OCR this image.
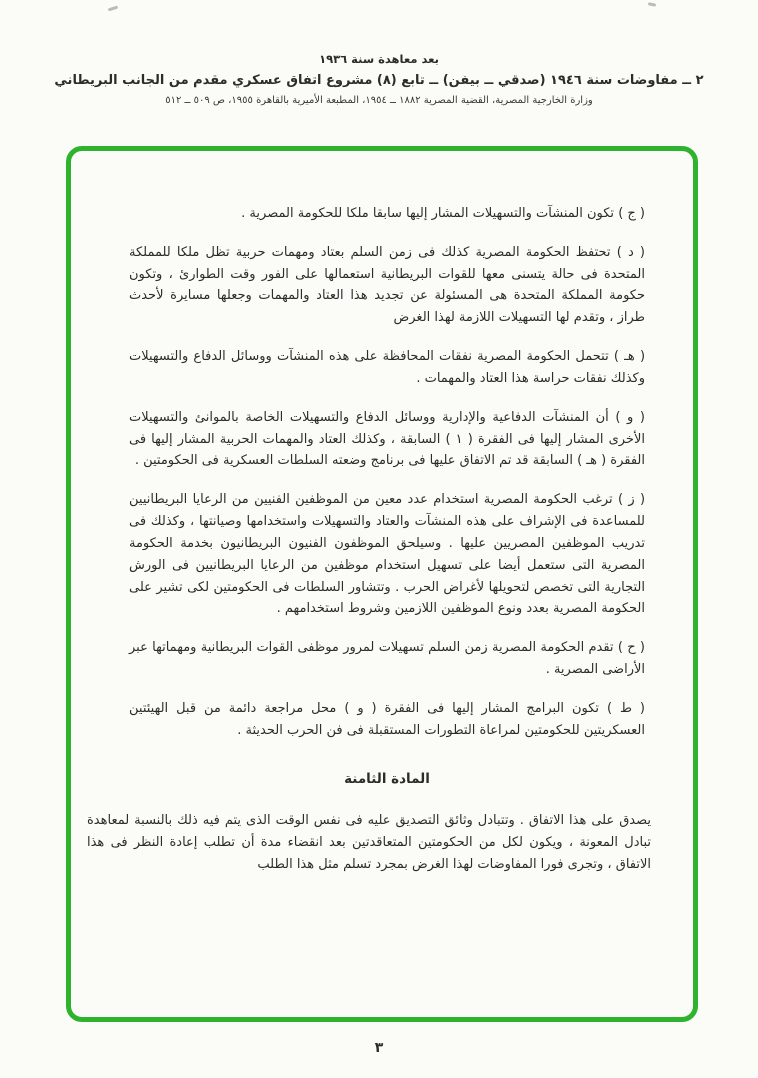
بعد معاهدة سنة ١٩٣٦
٢ ــ مفاوضات سنة ١٩٤٦ (صدقي ــ بيفن) ــ تابع (٨) مشروع اتفاق عسكري مقدم من الجانب البريطاني
وزارة الخارجية المصرية، القضية المصرية ١٨٨٢ ــ ١٩٥٤، المطبعة الأميرية بالقاهرة ١٩٥٥، ص ٥٠٩ ــ ٥١٢

( ج ) تكون المنشآت والتسهيلات المشار إليها سابقا ملكا للحكومة المصرية .

( د ) تحتفظ الحكومة المصرية كذلك فى زمن السلم بعتاد ومهمات حربية تظل ملكا للمملكة المتحدة فى حالة يتسنى معها للقوات البريطانية استعمالها على الفور وقت الطوارئ ، وتكون حكومة المملكة المتحدة هى المسئولة عن تجديد هذا العتاد والمهمات وجعلها مسايرة لأحدث طراز ، وتقدم لها التسهيلات اللازمة لهذا الغرض

( هـ ) تتحمل الحكومة المصرية نفقات المحافظة على هذه المنشآت ووسائل الدفاع والتسهيلات وكذلك نفقات حراسة هذا العتاد والمهمات .

( و ) أن المنشآت الدفاعية والإدارية ووسائل الدفاع والتسهيلات الخاصة بالموانئ والتسهيلات الأخرى المشار إليها فى الفقرة ( ١ ) السابقة ، وكذلك العتاد والمهمات الحربية المشار إليها فى الفقرة ( هـ ) السابقة قد تم الاتفاق عليها فى برنامج وضعته السلطات العسكرية فى الحكومتين .

( ز ) ترغب الحكومة المصرية استخدام عدد معين من الموظفين الفنيين من الرعايا البريطانيين للمساعدة فى الإشراف على هذه المنشآت والعتاد والتسهيلات واستخدامها وصيانتها ، وكذلك فى تدريب الموظفين المصريين عليها . وسيلحق الموظفون الفنيون البريطانيون بخدمة الحكومة المصرية التى ستعمل أيضا على تسهيل استخدام موظفين من الرعايا البريطانيين فى الورش التجارية التى تخصص لتحويلها لأغراض الحرب . وتتشاور السلطات فى الحكومتين لكى تشير على الحكومة المصرية بعدد ونوع الموظفين اللازمين وشروط استخدامهم .

( ح ) تقدم الحكومة المصرية زمن السلم تسهيلات لمرور موظفى القوات البريطانية ومهماتها عبر الأراضى المصرية .

( ط ) تكون البرامج المشار إليها فى الفقرة ( و ) محل مراجعة دائمة من قبل الهيئتين العسكريتين للحكومتين لمراعاة التطورات المستقبلة فى فن الحرب الحديثة .

المادة الثامنة

يصدق على هذا الاتفاق . وتتبادل وثائق التصديق عليه فى نفس الوقت الذى يتم فيه ذلك بالنسبة لمعاهدة تبادل المعونة ، ويكون لكل من الحكومتين المتعاقدتين بعد انقضاء مدة أن تطلب إعادة النظر فى هذا الاتفاق ، وتجرى فورا المفاوضات لهذا الغرض بمجرد تسلم مثل هذا الطلب

٣
